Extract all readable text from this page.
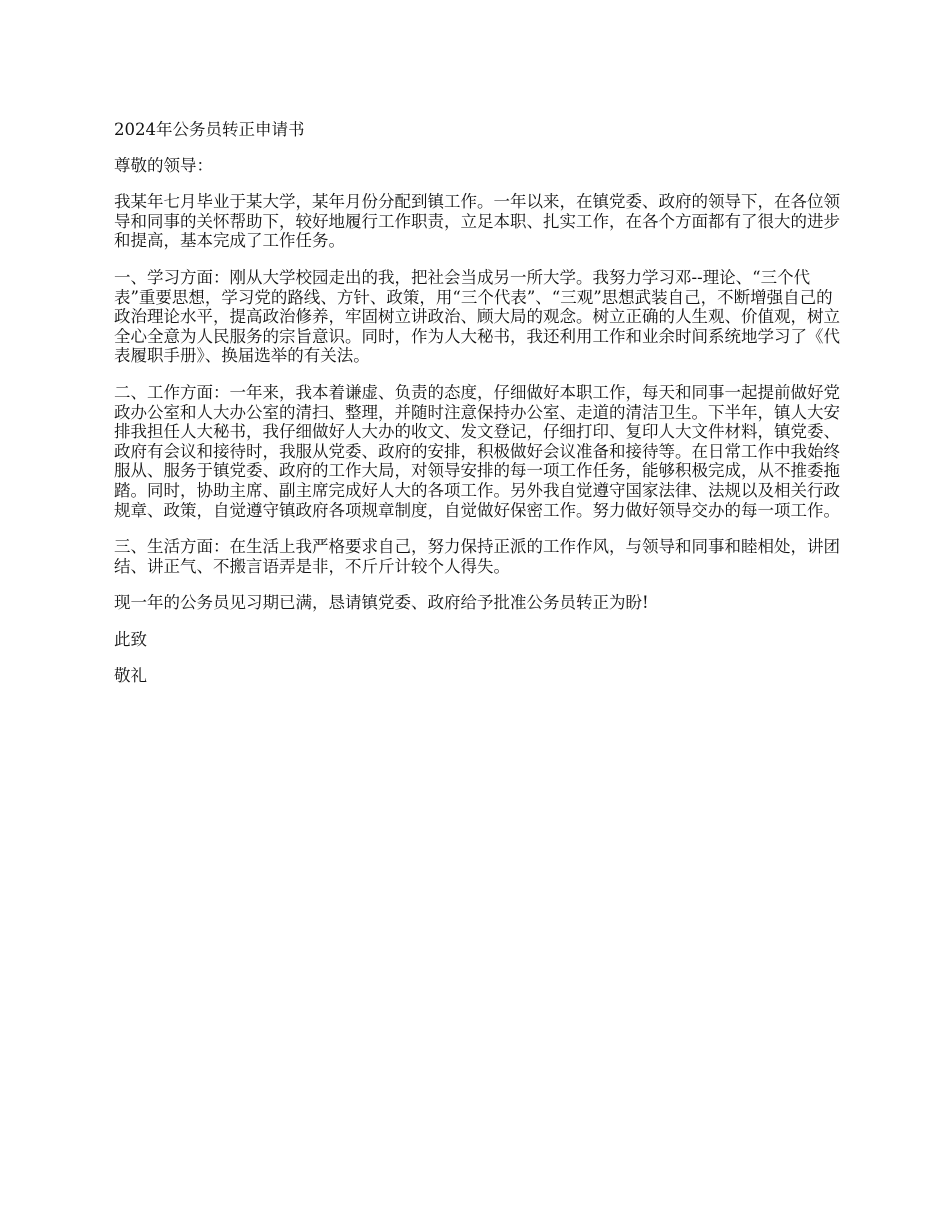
2024年公务员转正申请书

尊敬的领导：

我某年七月毕业于某大学，某年月份分配到镇工作。一年以来，在镇党委、政府的领导下，在各位领导和同事的关怀帮助下，较好地履行工作职责，立足本职、扎实工作，在各个方面都有了很大的进步和提高，基本完成了工作任务。

一、学习方面：刚从大学校园走出的我，把社会当成另一所大学。我努力学习邓--理论、“三个代表”重要思想，学习党的路线、方针、政策，用“三个代表”、“三观”思想武装自己，不断增强自己的政治理论水平，提高政治修养，牢固树立讲政治、顾大局的观念。树立正确的人生观、价值观，树立全心全意为人民服务的宗旨意识。同时，作为人大秘书，我还利用工作和业余时间系统地学习了《代表履职手册》、换届选举的有关法。

二、工作方面：一年来，我本着谦虚、负责的态度，仔细做好本职工作，每天和同事一起提前做好党政办公室和人大办公室的清扫、整理，并随时注意保持办公室、走道的清洁卫生。下半年，镇人大安排我担任人大秘书，我仔细做好人大办的收文、发文登记，仔细打印、复印人大文件材料，镇党委、政府有会议和接待时，我服从党委、政府的安排，积极做好会议准备和接待等。在日常工作中我始终服从、服务于镇党委、政府的工作大局，对领导安排的每一项工作任务，能够积极完成，从不推委拖踏。同时，协助主席、副主席完成好人大的各项工作。另外我自觉遵守国家法律、法规以及相关行政规章、政策，自觉遵守镇政府各项规章制度，自觉做好保密工作。努力做好领导交办的每一项工作。

三、生活方面：在生活上我严格要求自己，努力保持正派的工作作风，与领导和同事和睦相处，讲团结、讲正气、不搬言语弄是非，不斤斤计较个人得失。

现一年的公务员见习期已满，恳请镇党委、政府给予批准公务员转正为盼!

此致

敬礼
